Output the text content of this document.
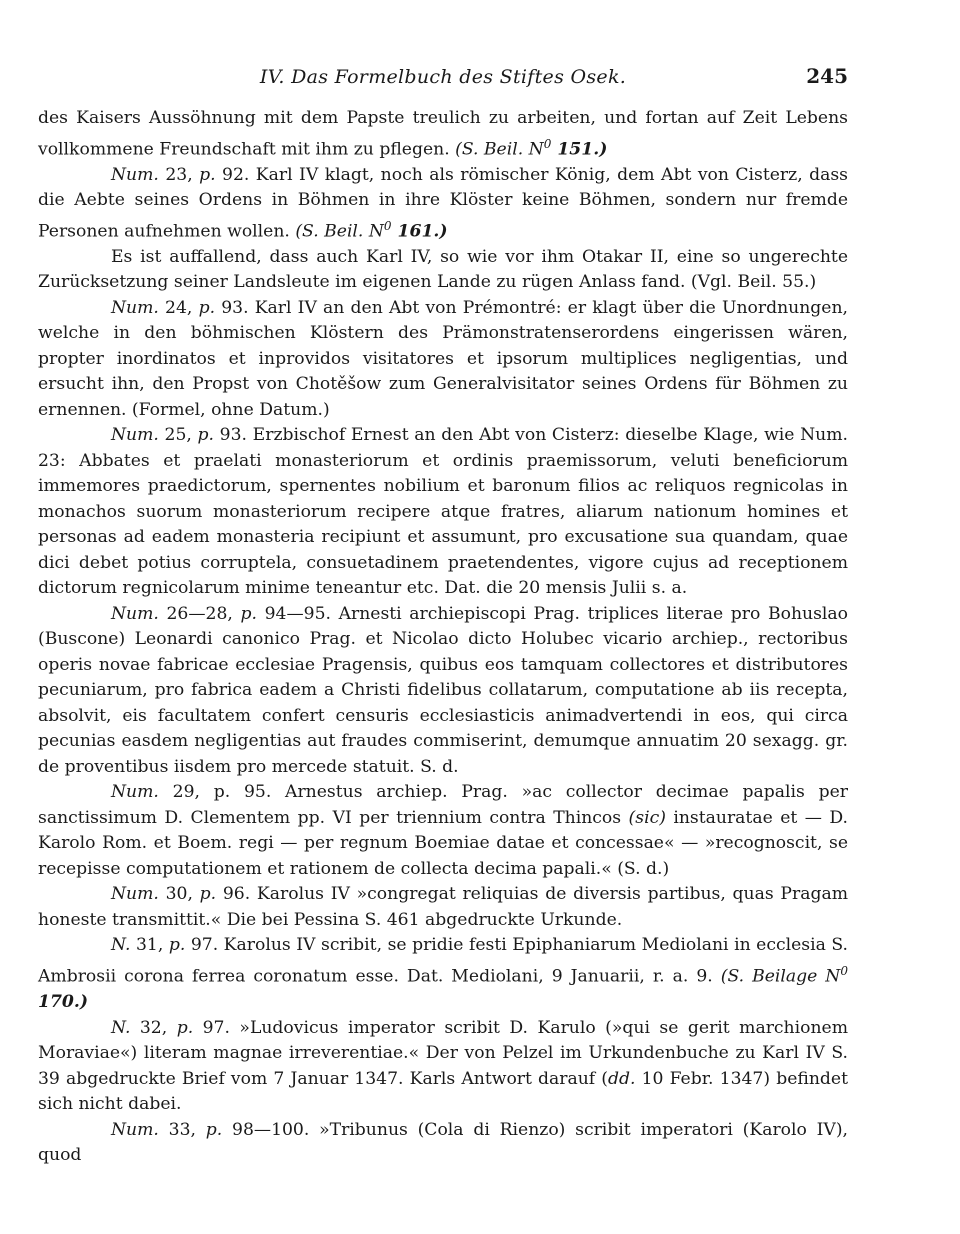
IV. Das Formelbuch des Stiftes Osek.	245

des Kaisers Aussöhnung mit dem Papste treulich zu arbeiten, und fortan auf Zeit Lebens vollkommene Freundschaft mit ihm zu pflegen. (S. Beil. $N^0$ 151.)

Num. 23, p. 92. Karl IV klagt, noch als römischer König, dem Abt von Cisterz, dass die Aebte seines Ordens in Böhmen in ihre Klöster keine Böhmen, sondern nur fremde Personen aufnehmen wollen. (S. Beil. $N^0$ 161.)

Es ist auffallend, dass auch Karl IV, so wie vor ihm Otakar II, eine so ungerechte Zurücksetzung seiner Landsleute im eigenen Lande zu rügen Anlass fand. (Vgl. Beil. 55.)

Num. 24, p. 93. Karl IV an den Abt von Prémontré: er klagt über die Unordnungen, welche in den böhmischen Klöstern des Prämonstratenserordens eingerissen wären, propter inordinatos et inprovidos visitatores et ipsorum multiplices negligentias, und ersucht ihn, den Propst von Chotěšow zum Generalvisitator seines Ordens für Böhmen zu ernennen. (Formel, ohne Datum.)

Num. 25, p. 93. Erzbischof Ernest an den Abt von Cisterz: dieselbe Klage, wie Num. 23: Abbates et praelati monasteriorum et ordinis praemissorum, veluti beneficiorum immemores praedictorum, spernentes nobilium et baronum filios ac reliquos regnicolas in monachos suorum monasteriorum recipere atque fratres, aliarum nationum homines et personas ad eadem monasteria recipiunt et assumunt, pro excusatione sua quandam, quae dici debet potius corruptela, consuetadinem praetendentes, vigore cujus ad receptionem dictorum regnicolarum minime teneantur etc. Dat. die 20 mensis Julii s. a.

Num. 26—28, p. 94—95. Arnesti archiepiscopi Prag. triplices literae pro Bohuslao (Buscone) Leonardi canonico Prag. et Nicolao dicto Holubec vicario archiep., rectoribus operis novae fabricae ecclesiae Pragensis, quibus eos tamquam collectores et distributores pecuniarum, pro fabrica eadem a Christi fidelibus collatarum, computatione ab iis recepta, absolvit, eis facultatem confert censuris ecclesiasticis animadvertendi in eos, qui circa pecunias easdem negligentias aut fraudes commiserint, demumque annuatim 20 sexagg. gr. de proventibus iisdem pro mercede statuit. S. d.

Num. 29, p. 95. Arnestus archiep. Prag. »ac collector decimae papalis per sanctissimum D. Clementem pp. VI per triennium contra Thincos (sic) instauratae et — D. Karolo Rom. et Boem. regi — per regnum Boemiae datae et concessae« — »recognoscit, se recepisse computationem et rationem de collecta decima papali.« (S. d.)

Num. 30, p. 96. Karolus IV »congregat reliquias de diversis partibus, quas Pragam honeste transmittit.« Die bei Pessina S. 461 abgedruckte Urkunde.

N. 31, p. 97. Karolus IV scribit, se pridie festi Epiphaniarum Mediolani in ecclesia S. Ambrosii corona ferrea coronatum esse. Dat. Mediolani, 9 Januarii, r. a. 9. (S. Beilage $N^0$ 170.)

N. 32, p. 97. »Ludovicus imperator scribit D. Karulo (»qui se gerit marchionem Moraviae«) literam magnae irreverentiae.« Der von Pelzel im Urkundenbuche zu Karl IV S. 39 abgedruckte Brief vom 7 Januar 1347. Karls Antwort darauf (dd. 10 Febr. 1347) befindet sich nicht dabei.

Num. 33, p. 98—100. »Tribunus (Cola di Rienzo) scribit imperatori (Karolo IV), quod
